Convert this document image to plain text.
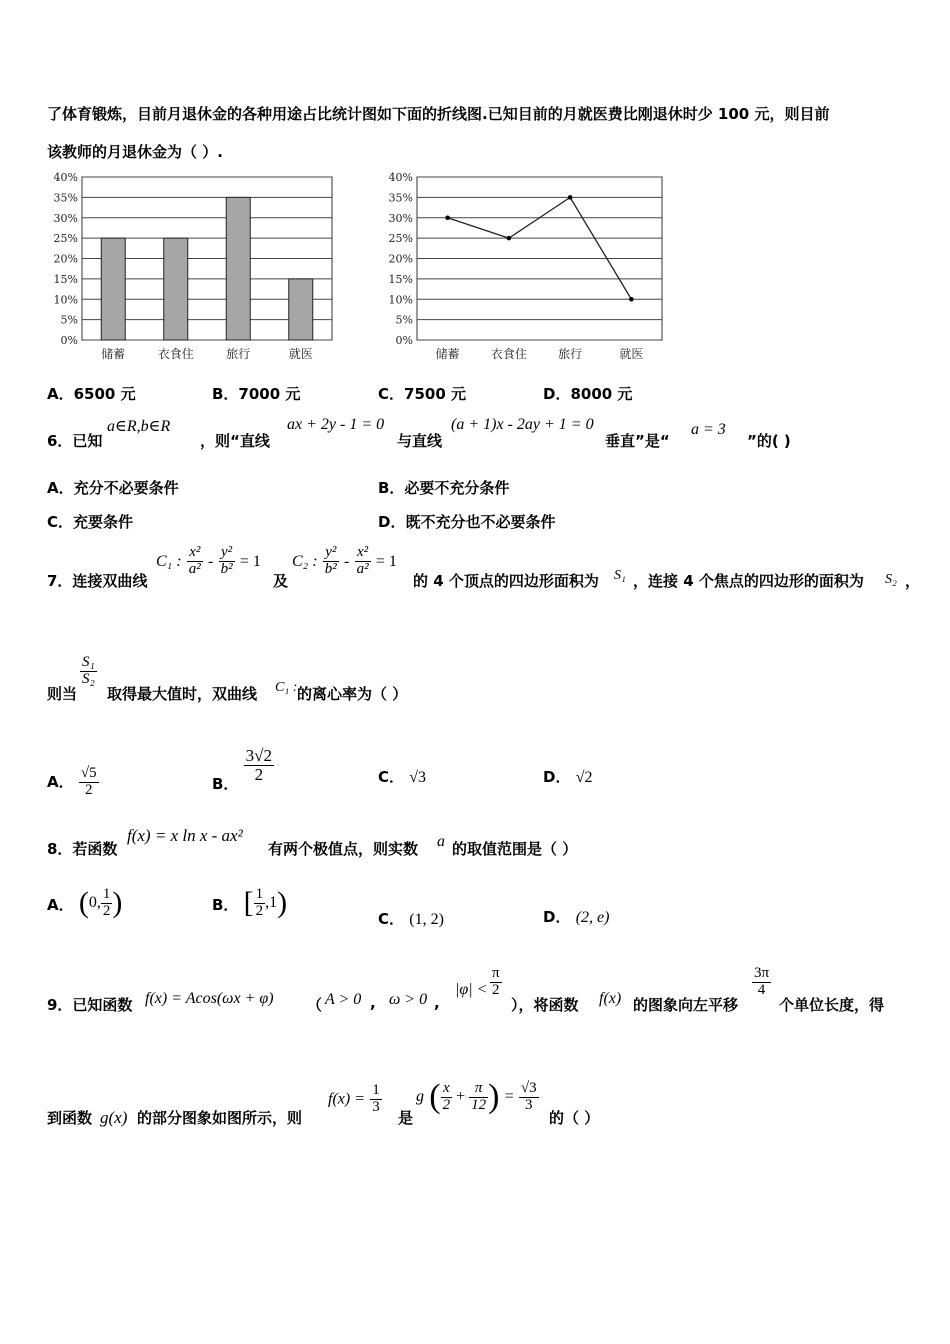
了体育锻炼，目前月退休金的各种用途占比统计图如下面的折线图.已知目前的月就医费比刚退休时少 100 元，则目前
该教师的月退休金为（ ）.
0%
5%
10%
15%
20%
25%
30%
35%
40%
储蓄	衣食住	旅行	就医
0%
5%
10%
15%
20%
25%
30%
35%
40%
储蓄	衣食住	旅行	就医
A．6500 元	B．7000 元	C．7500 元	D．8000 元
6．已知
a∈R,b∈R
，则“直线
ax + 2y - 1 = 0
与直线
(a + 1)x - 2ay + 1 = 0
垂直”是“
a = 3
”的( )
A．充分不必要条件	B．必要不充分条件
C．充要条件	D．既不充分也不必要条件
7．连接双曲线
C₁ : $\frac{\text{x²}}{\text{a²}} - \frac{\text{y²}}{\text{b²}} = 1$
及
C₂ : $\frac{\text{y²}}{\text{b²}} - \frac{\text{x²}}{\text{a²}} = 1$
的 4 个顶点的四边形面积为 S₁ ，连接 4 个焦点的四边形的面积为 S₂ ，
则当
$\frac{\text{S₁}}{\text{S₂}}$
取得最大值时，双曲线 C₁ : 的离心率为（ ）
A． $\frac{√5}{2}$	B．
$\frac{3√2}{2}$	C． √3	D． √2
8．若函数
f(x) = x ln x - ax²
有两个极值点，则实数 a 的取值范围是（ ）
A． (0, $\frac{1}{2}$ )	B． [ $\frac{1}{2} ,1$)	C． (1, 2)	D． (2, e)
9．已知函数 f(x) = Acos(ωx + φ) （ A > 0 , ω > 0 ,
$|\varphi| < \frac{\pi}{2}$
），将函数 f(x) 的图象向左平移
$\frac{3\pi}{4}$
个单位长度，得
到函数 g(x) 的部分图象如图所示，则
$f(x) = \frac{1}{3}$
是
g ( $\frac{x}{2} + \frac{\pi}{12}$ ) = $\frac{√3}{3}$
的（ ）
